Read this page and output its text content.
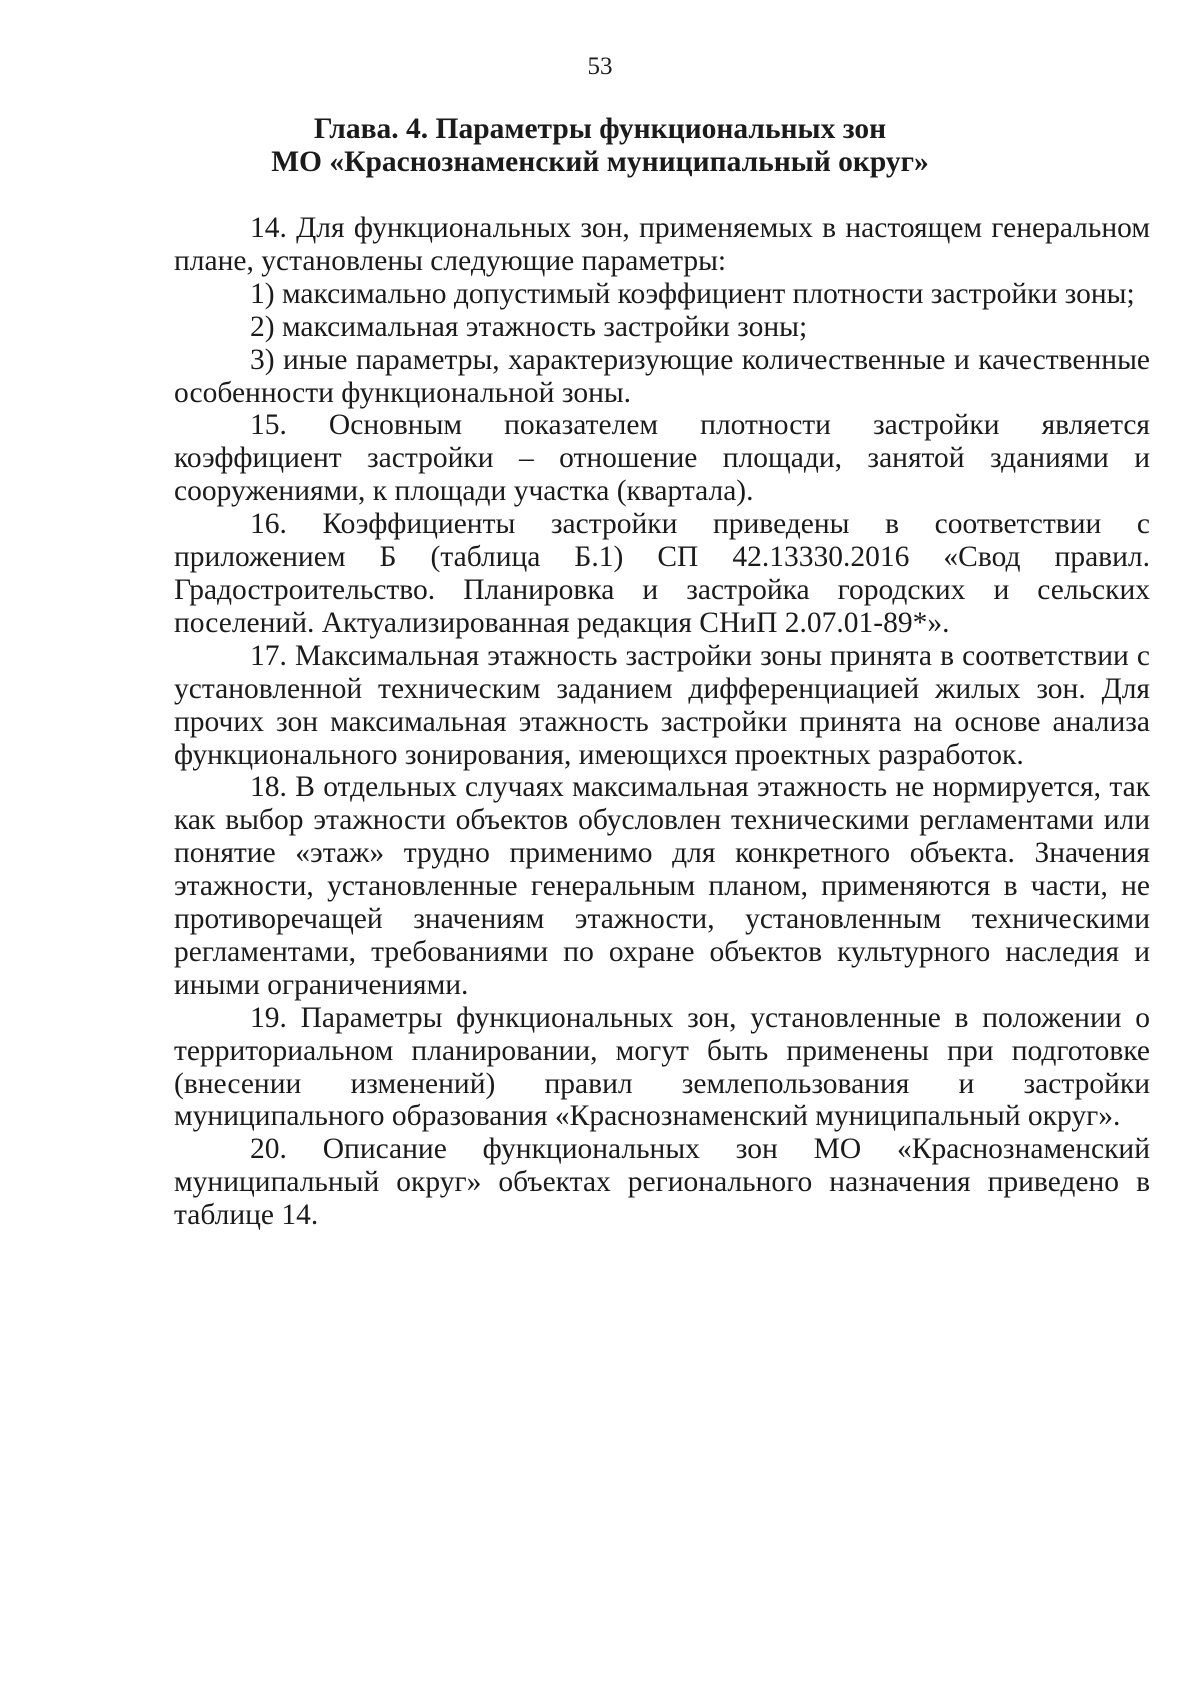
53
Глава. 4. Параметры функциональных зон
МО «Краснознаменский муниципальный округ»

14. Для функциональных зон, применяемых в настоящем генеральном плане, установлены следующие параметры:

1) максимально допустимый коэффициент плотности застройки зоны;

2) максимальная этажность застройки зоны;

3) иные параметры, характеризующие количественные и качественные особенности функциональной зоны.

15. Основным показателем плотности застройки является коэффициент застройки – отношение площади, занятой зданиями и сооружениями, к площади участка (квартала).

16. Коэффициенты застройки приведены в соответствии с приложением Б (таблица Б.1) СП 42.13330.2016 «Свод правил. Градостроительство. Планировка и застройка городских и сельских поселений. Актуализированная редакция СНиП 2.07.01-89*».

17. Максимальная этажность застройки зоны принята в соответствии с установленной техническим заданием дифференциацией жилых зон. Для прочих зон максимальная этажность застройки принята на основе анализа функционального зонирования, имеющихся проектных разработок.

18. В отдельных случаях максимальная этажность не нормируется, так как выбор этажности объектов обусловлен техническими регламентами или понятие «этаж» трудно применимо для конкретного объекта. Значения этажности, установленные генеральным планом, применяются в части, не противоречащей значениям этажности, установленным техническими регламентами, требованиями по охране объектов культурного наследия и иными ограничениями.

19. Параметры функциональных зон, установленные в положении о территориальном планировании, могут быть применены при подготовке (внесении изменений) правил землепользования и застройки муниципального образования «Краснознаменский муниципальный округ».

20. Описание функциональных зон МО «Краснознаменский муниципальный округ» объектах регионального назначения приведено в таблице 14.
